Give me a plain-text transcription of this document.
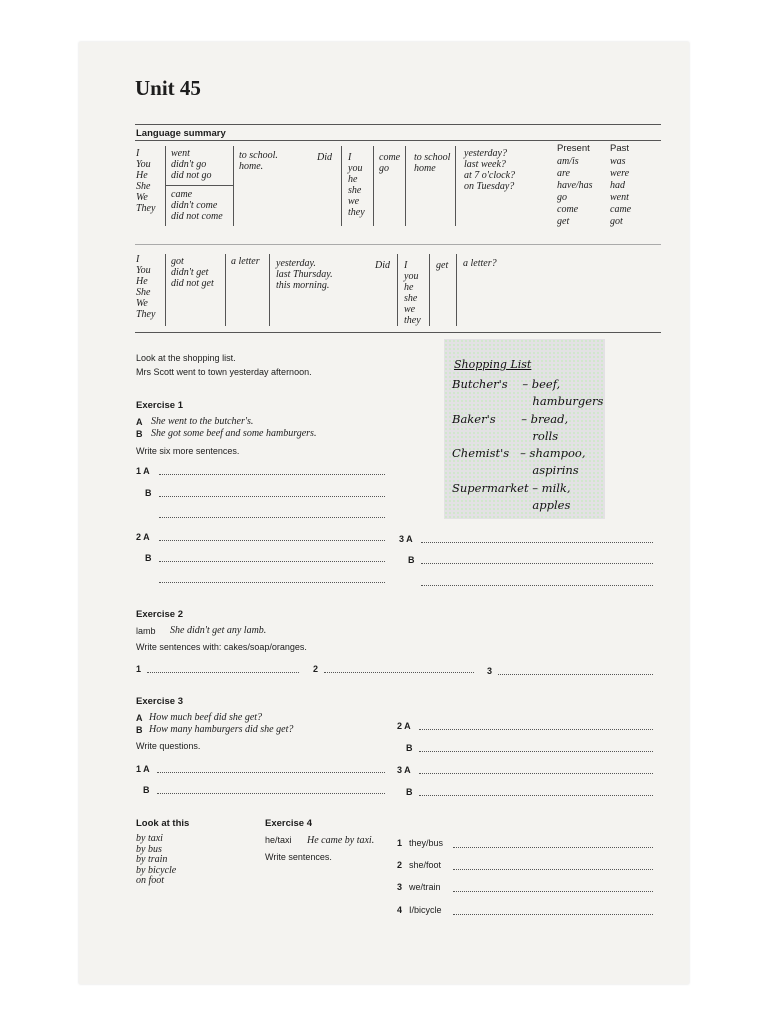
Unit 45
Language summary
I
You
He
She
We
They
went
didn't go
did not go
came
didn't come
did not come
to school.
home.
Did I
you
he
she
we
they
come
go
to school
home
yesterday?
last week?
at 7 o'clock?
on Tuesday?
Present
am/is
are
have/has
go
come
get
Past
was
were
had
went
came
got
I
You
He
She
We
They
got
didn't get
did not get
a letter yesterday.
last Thursday.
this morning.
Did I
you
he
she
we
they
get a letter?
Look at the shopping list.
Mrs Scott went to town yesterday afternoon.
Shopping List
Butcher's    – beef,
hamburgers
Baker's       – bread,
rolls
Chemist's   – shampoo,
aspirins
Supermarket – milk,
apples
Exercise 1
A She went to the butcher's.
B She got some beef and some hamburgers.
Write six more sentences.
1 A
B
2 A
B
3 A
B
Exercise 2
lamb She didn't get any lamb.
Write sentences with: cakes/soap/oranges.
1	2	3
Exercise 3
A How much beef did she get?
B How many hamburgers did she get?
Write questions.
1 A
B
2 A
B
3 A
B
Look at this
by taxi
by bus
by train
by bicycle
on foot
Exercise 4
he/taxi He came by taxi.
Write sentences.
1 they/bus
2 she/foot
3 we/train
4 I/bicycle
